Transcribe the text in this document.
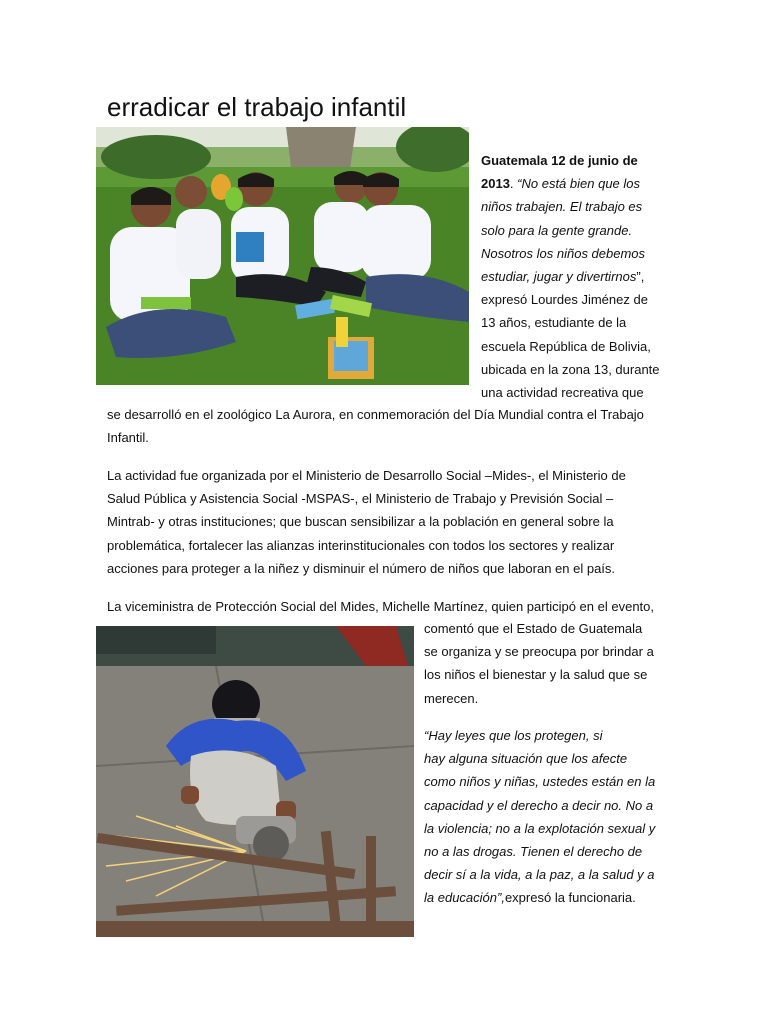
erradicar el trabajo infantil
Guatemala 12 de junio de
2013. “No está bien que los
niños trabajen. El trabajo es
solo para la gente grande.
Nosotros los niños debemos
estudiar, jugar y divertirnos”,
expresó Lourdes Jiménez de
13 años, estudiante de la
escuela República de Bolivia,
ubicada en la zona 13, durante
una actividad recreativa que
se desarrolló en el zoológico La Aurora, en conmemoración del Día Mundial contra el Trabajo
Infantil.
La actividad fue organizada por el Ministerio de Desarrollo Social –Mides-, el Ministerio de
Salud Pública y Asistencia Social -MSPAS-, el Ministerio de Trabajo y Previsión Social –
Mintrab- y otras instituciones; que buscan sensibilizar a la población en general sobre la
problemática, fortalecer las alianzas interinstitucionales con todos los sectores y realizar
acciones para proteger a la niñez y disminuir el número de niños que laboran en el país.
La viceministra de Protección Social del Mides, Michelle Martínez, quien participó en el evento,
comentó que el Estado de Guatemala
se organiza y se preocupa por brindar a
los niños el bienestar y la salud que se
merecen.
“Hay leyes que los protegen, si
hay alguna situación que los afecte
como niños y niñas, ustedes están en la
capacidad y el derecho a decir no. No a
la violencia; no a la explotación sexual y
no a las drogas. Tienen el derecho de
decir sí a la vida, a la paz, a la salud y a
la educación”,expresó la funcionaria.
